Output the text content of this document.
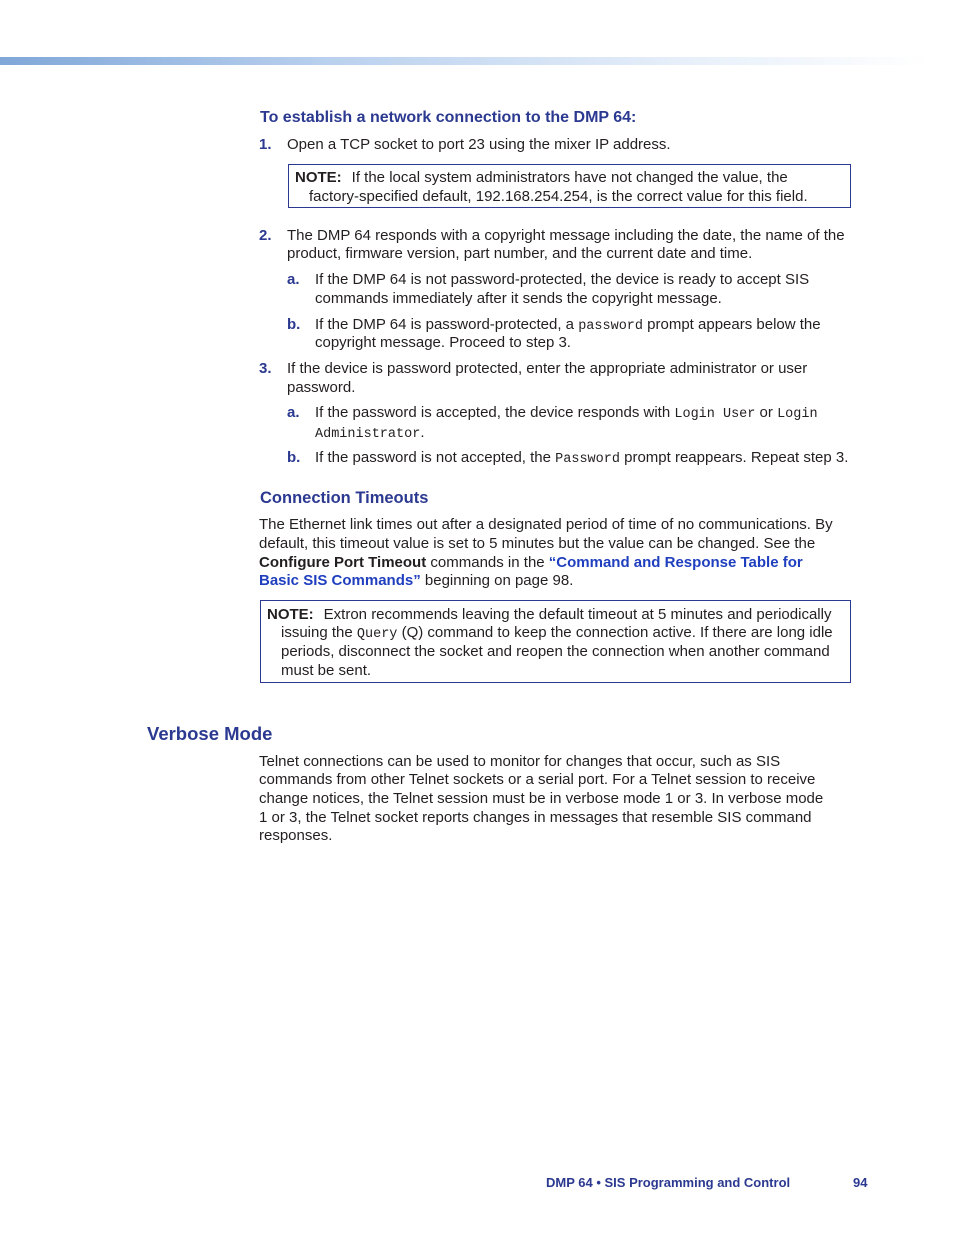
To establish a network connection to the DMP 64:
1. Open a TCP socket to port 23 using the mixer IP address.
NOTE: If the local system administrators have not changed the value, the
factory-specified default, 192.168.254.254, is the correct value for this field.
2. The DMP 64 responds with a copyright message including the date, the name of the
product, firmware version, part number, and the current date and time.
a. If the DMP 64 is not password-protected, the device is ready to accept SIS
commands immediately after it sends the copyright message.
b. If the DMP 64 is password-protected, a password prompt appears below the
copyright message. Proceed to step 3.
3. If the device is password protected, enter the appropriate administrator or user
password.
a. If the password is accepted, the device responds with Login User or Login
Administrator.
b. If the password is not accepted, the Password prompt reappears. Repeat step 3.
Connection Timeouts
The Ethernet link times out after a designated period of time of no communications. By
default, this timeout value is set to 5 minutes but the value can be changed. See the
Configure Port Timeout commands in the “Command and Response Table for
Basic SIS Commands” beginning on page 98.
NOTE: Extron recommends leaving the default timeout at 5 minutes and periodically
issuing the Query (Q) command to keep the connection active. If there are long idle
periods, disconnect the socket and reopen the connection when another command
must be sent.
Verbose Mode
Telnet connections can be used to monitor for changes that occur, such as SIS
commands from other Telnet sockets or a serial port. For a Telnet session to receive
change notices, the Telnet session must be in verbose mode 1 or 3. In verbose mode
1 or 3, the Telnet socket reports changes in messages that resemble SIS command
responses.
DMP 64 • SIS Programming and Control	94
